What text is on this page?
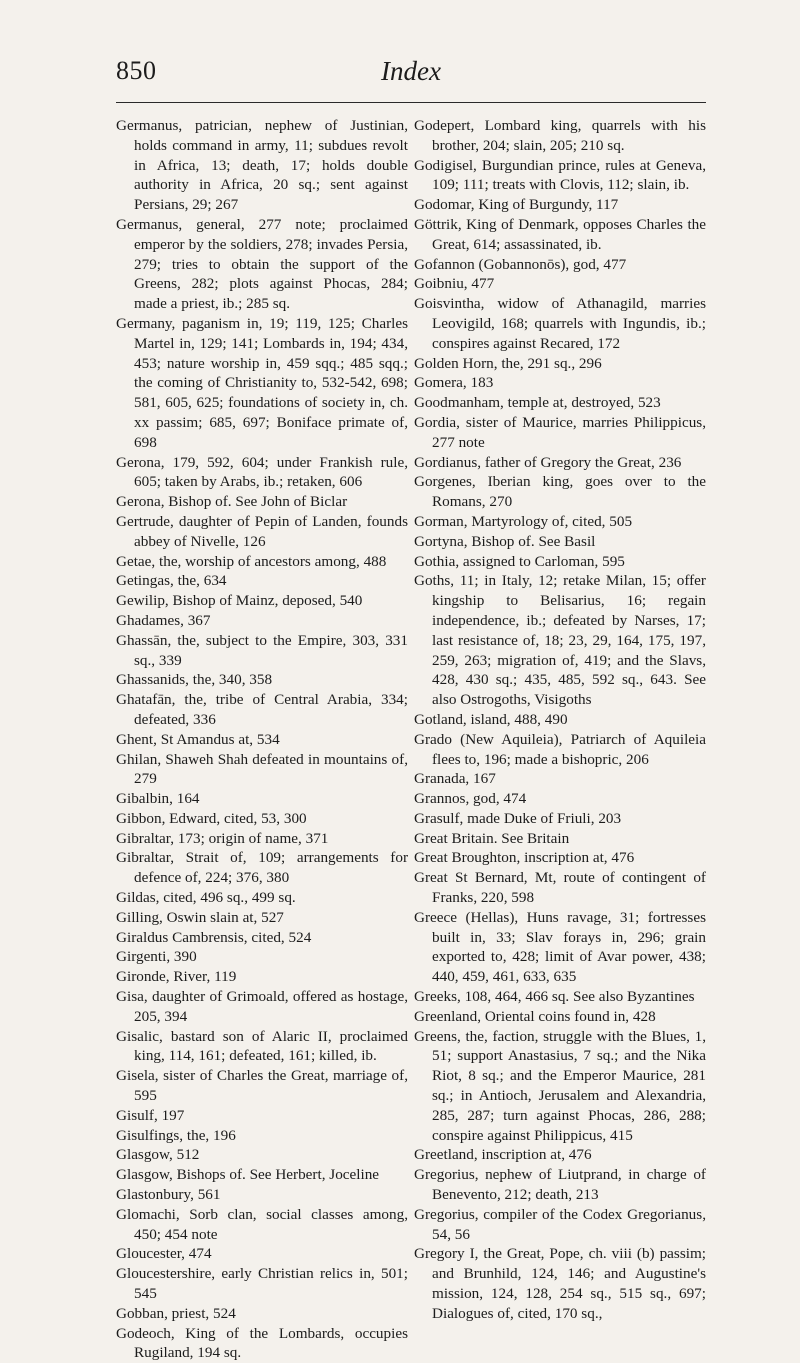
850	Index
Germanus, patrician, nephew of Justinian, holds command in army, 11; subdues revolt in Africa, 13; death, 17; holds double authority in Africa, 20 sq.; sent against Persians, 29; 267
Germanus, general, 277 note; proclaimed emperor by the soldiers, 278; invades Persia, 279; tries to obtain the support of the Greens, 282; plots against Phocas, 284; made a priest, ib.; 285 sq.
Germany, paganism in, 19; 119, 125; Charles Martel in, 129; 141; Lombards in, 194; 434, 453; nature worship in, 459 sqq.; 485 sqq.; the coming of Christianity to, 532-542, 698; 581, 605, 625; foundations of society in, ch. xx passim; 685, 697; Boniface primate of, 698
Gerona, 179, 592, 604; under Frankish rule, 605; taken by Arabs, ib.; retaken, 606
Gerona, Bishop of. See John of Biclar
Gertrude, daughter of Pepin of Landen, founds abbey of Nivelle, 126
Getae, the, worship of ancestors among, 488
Getingas, the, 634
Gewilip, Bishop of Mainz, deposed, 540
Ghadames, 367
Ghassān, the, subject to the Empire, 303, 331 sq., 339
Ghassanids, the, 340, 358
Ghatafān, the, tribe of Central Arabia, 334; defeated, 336
Ghent, St Amandus at, 534
Ghilan, Shaweh Shah defeated in mountains of, 279
Gibalbin, 164
Gibbon, Edward, cited, 53, 300
Gibraltar, 173; origin of name, 371
Gibraltar, Strait of, 109; arrangements for defence of, 224; 376, 380
Gildas, cited, 496 sq., 499 sq.
Gilling, Oswin slain at, 527
Giraldus Cambrensis, cited, 524
Girgenti, 390
Gironde, River, 119
Gisa, daughter of Grimoald, offered as hostage, 205, 394
Gisalic, bastard son of Alaric II, proclaimed king, 114, 161; defeated, 161; killed, ib.
Gisela, sister of Charles the Great, marriage of, 595
Gisulf, 197
Gisulfings, the, 196
Glasgow, 512
Glasgow, Bishops of. See Herbert, Joceline
Glastonbury, 561
Glomachi, Sorb clan, social classes among, 450; 454 note
Gloucester, 474
Gloucestershire, early Christian relics in, 501; 545
Gobban, priest, 524
Godeoch, King of the Lombards, occupies Rugiland, 194 sq.
Godepert, Lombard king, quarrels with his brother, 204; slain, 205; 210 sq.
Godigisel, Burgundian prince, rules at Geneva, 109; 111; treats with Clovis, 112; slain, ib.
Godomar, King of Burgundy, 117
Göttrik, King of Denmark, opposes Charles the Great, 614; assassinated, ib.
Gofannon (Gobannonōs), god, 477
Goibniu, 477
Goisvintha, widow of Athanagild, marries Leovigild, 168; quarrels with Ingundis, ib.; conspires against Recared, 172
Golden Horn, the, 291 sq., 296
Gomera, 183
Goodmanham, temple at, destroyed, 523
Gordia, sister of Maurice, marries Philippicus, 277 note
Gordianus, father of Gregory the Great, 236
Gorgenes, Iberian king, goes over to the Romans, 270
Gorman, Martyrology of, cited, 505
Gortyna, Bishop of. See Basil
Gothia, assigned to Carloman, 595
Goths, 11; in Italy, 12; retake Milan, 15; offer kingship to Belisarius, 16; regain independence, ib.; defeated by Narses, 17; last resistance of, 18; 23, 29, 164, 175, 197, 259, 263; migration of, 419; and the Slavs, 428, 430 sq.; 435, 485, 592 sq., 643. See also Ostrogoths, Visigoths
Gotland, island, 488, 490
Grado (New Aquileia), Patriarch of Aquileia flees to, 196; made a bishopric, 206
Granada, 167
Grannos, god, 474
Grasulf, made Duke of Friuli, 203
Great Britain. See Britain
Great Broughton, inscription at, 476
Great St Bernard, Mt, route of contingent of Franks, 220, 598
Greece (Hellas), Huns ravage, 31; fortresses built in, 33; Slav forays in, 296; grain exported to, 428; limit of Avar power, 438; 440, 459, 461, 633, 635
Greeks, 108, 464, 466 sq. See also Byzantines
Greenland, Oriental coins found in, 428
Greens, the, faction, struggle with the Blues, 1, 51; support Anastasius, 7 sq.; and the Nika Riot, 8 sq.; and the Emperor Maurice, 281 sq.; in Antioch, Jerusalem and Alexandria, 285, 287; turn against Phocas, 286, 288; conspire against Philippicus, 415
Greetland, inscription at, 476
Gregorius, nephew of Liutprand, in charge of Benevento, 212; death, 213
Gregorius, compiler of the Codex Gregorianus, 54, 56
Gregory I, the Great, Pope, ch. viii (b) passim; and Brunhild, 124, 146; and Augustine's mission, 124, 128, 254 sq., 515 sq., 697; Dialogues of, cited, 170 sq.,
